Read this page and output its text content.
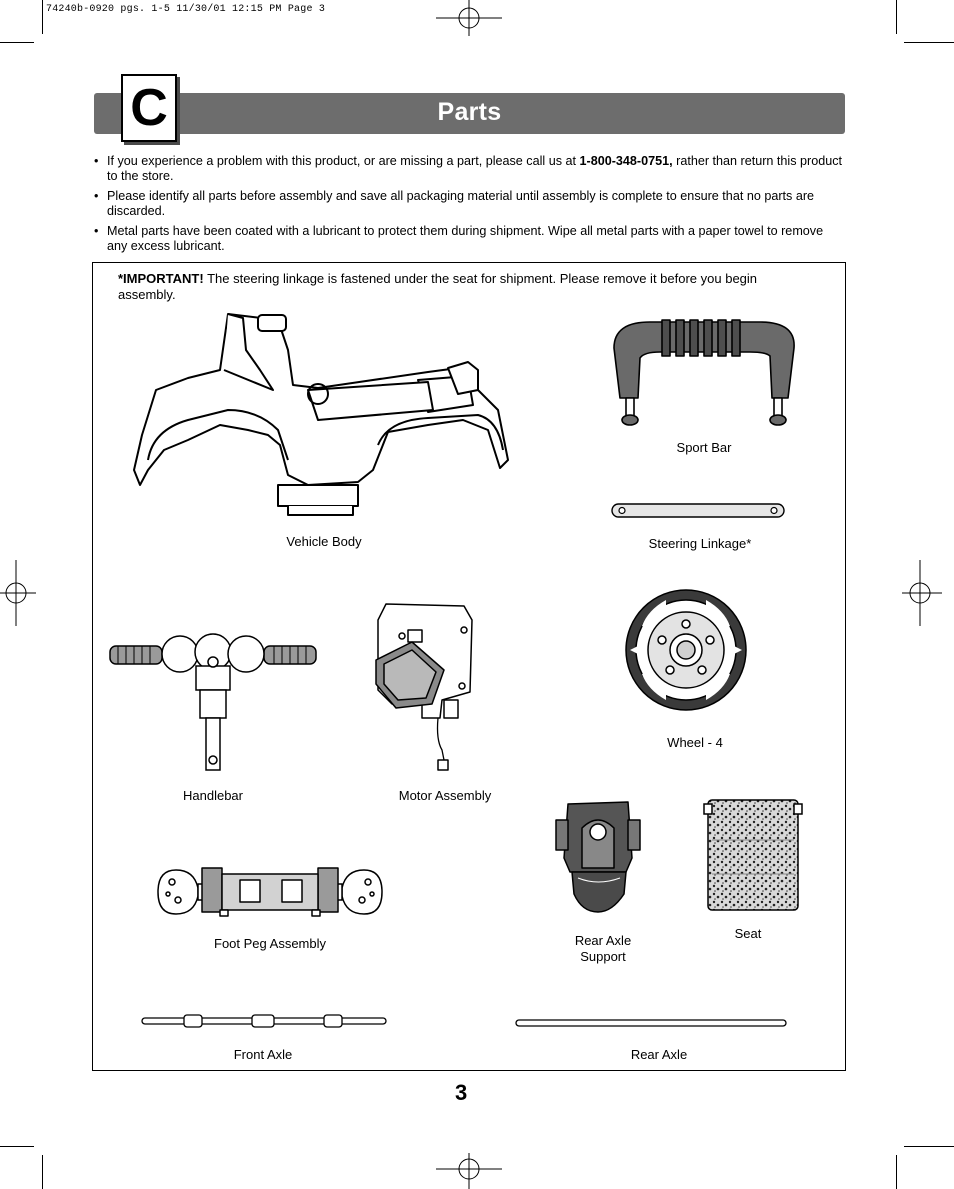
74240b-0920 pgs. 1-5 11/30/01 12:15 PM Page 3
Parts
C
• If you experience a problem with this product, or are missing a part, please call us at 1-800-348-0751, rather than return this product to the store.
• Please identify all parts before assembly and save all packaging material until assembly is complete to ensure that no parts are discarded.
• Metal parts have been coated with a lubricant to protect them during shipment. Wipe all metal parts with a paper towel to remove any excess lubricant.
*IMPORTANT! The steering linkage is fastened under the seat for shipment. Please remove it before you begin assembly.
Vehicle Body
Sport Bar
Steering Linkage*
Handlebar	Motor Assembly
Wheel - 4
Rear Axle
Support
Seat
Foot Peg Assembly
Front Axle	Rear Axle
3
